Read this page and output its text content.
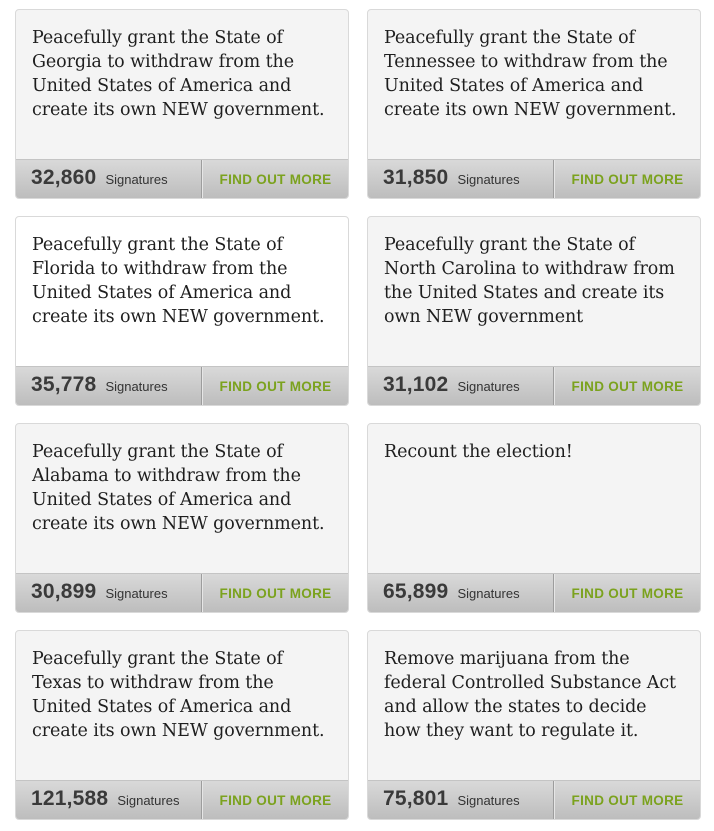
Peacefully grant the State of Georgia to withdraw from the United States of America and create its own NEW government.

32,860 Signatures	FIND OUT MORE

Peacefully grant the State of Tennessee to withdraw from the United States of America and create its own NEW government.

31,850 Signatures	FIND OUT MORE

Peacefully grant the State of Florida to withdraw from the United States of America and create its own NEW government.

35,778 Signatures	FIND OUT MORE

Peacefully grant the State of North Carolina to withdraw from the United States and create its own NEW government

31,102 Signatures	FIND OUT MORE

Peacefully grant the State of Alabama to withdraw from the United States of America and create its own NEW government.

30,899 Signatures	FIND OUT MORE

Recount the election!

65,899 Signatures	FIND OUT MORE

Peacefully grant the State of Texas to withdraw from the United States of America and create its own NEW government.

121,588 Signatures	FIND OUT MORE

Remove marijuana from the federal Controlled Substance Act and allow the states to decide how they want to regulate it.

75,801 Signatures	FIND OUT MORE
